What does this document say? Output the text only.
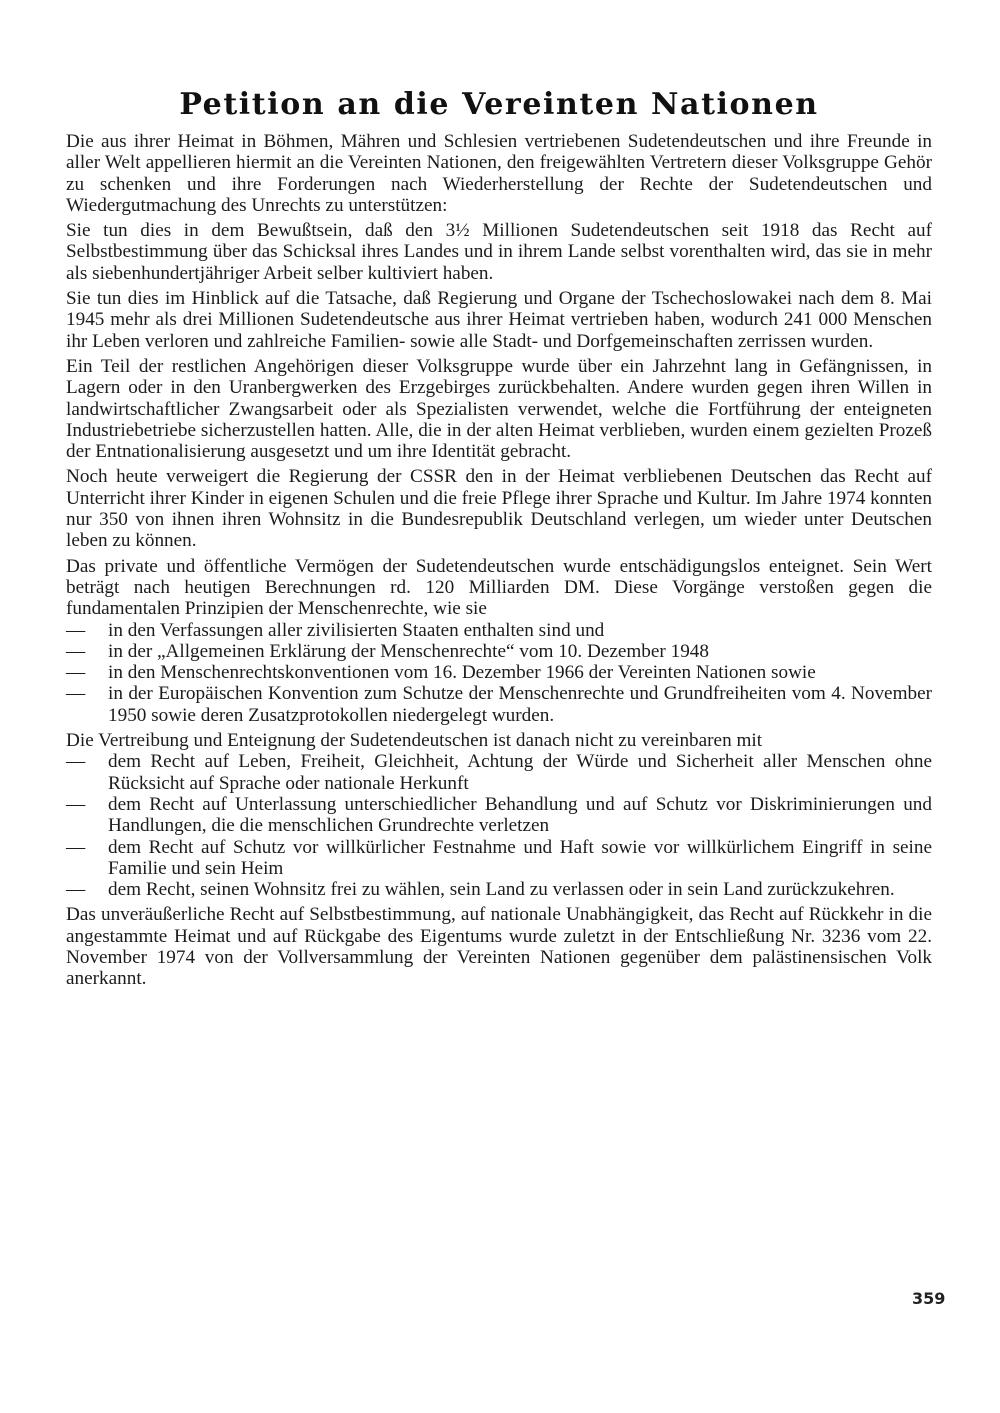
Petition an die Vereinten Nationen

Die aus ihrer Heimat in Böhmen, Mähren und Schlesien vertriebenen Sudetendeutschen und ihre Freunde in aller Welt appellieren hiermit an die Vereinten Nationen, den freigewählten Vertretern dieser Volksgruppe Gehör zu schenken und ihre Forderungen nach Wiederherstellung der Rechte der Sudetendeutschen und Wiedergutmachung des Unrechts zu unterstützen:

Sie tun dies in dem Bewußtsein, daß den 3½ Millionen Sudetendeutschen seit 1918 das Recht auf Selbstbestimmung über das Schicksal ihres Landes und in ihrem Lande selbst vorenthalten wird, das sie in mehr als siebenhundertjähriger Arbeit selber kultiviert haben.

Sie tun dies im Hinblick auf die Tatsache, daß Regierung und Organe der Tschechoslowakei nach dem 8. Mai 1945 mehr als drei Millionen Sudetendeutsche aus ihrer Heimat vertrieben haben, wodurch 241 000 Menschen ihr Leben verloren und zahlreiche Familien- sowie alle Stadt- und Dorfgemeinschaften zerrissen wurden.

Ein Teil der restlichen Angehörigen dieser Volksgruppe wurde über ein Jahrzehnt lang in Gefängnissen, in Lagern oder in den Uranbergwerken des Erzgebirges zurückbehalten. Andere wurden gegen ihren Willen in landwirtschaftlicher Zwangsarbeit oder als Spezialisten verwendet, welche die Fortführung der enteigneten Industriebetriebe sicherzustellen hatten. Alle, die in der alten Heimat verblieben, wurden einem gezielten Prozeß der Entnationalisierung ausgesetzt und um ihre Identität gebracht.

Noch heute verweigert die Regierung der CSSR den in der Heimat verbliebenen Deutschen das Recht auf Unterricht ihrer Kinder in eigenen Schulen und die freie Pflege ihrer Sprache und Kultur. Im Jahre 1974 konnten nur 350 von ihnen ihren Wohnsitz in die Bundesrepublik Deutschland verlegen, um wieder unter Deutschen leben zu können.

Das private und öffentliche Vermögen der Sudetendeutschen wurde entschädigungslos enteignet. Sein Wert beträgt nach heutigen Berechnungen rd. 120 Milliarden DM. Diese Vorgänge verstoßen gegen die fundamentalen Prinzipien der Menschenrechte, wie sie

—	in den Verfassungen aller zivilisierten Staaten enthalten sind und
—	in der „Allgemeinen Erklärung der Menschenrechte“ vom 10. Dezember 1948
—	in den Menschenrechtskonventionen vom 16. Dezember 1966 der Vereinten Nationen sowie
—	in der Europäischen Konvention zum Schutze der Menschenrechte und Grundfreiheiten vom 4. November 1950 sowie deren Zusatzprotokollen niedergelegt wurden.

Die Vertreibung und Enteignung der Sudetendeutschen ist danach nicht zu vereinbaren mit

—	dem Recht auf Leben, Freiheit, Gleichheit, Achtung der Würde und Sicherheit aller Menschen ohne Rücksicht auf Sprache oder nationale Herkunft
—	dem Recht auf Unterlassung unterschiedlicher Behandlung und auf Schutz vor Diskriminierungen und Handlungen, die die menschlichen Grundrechte verletzen
—	dem Recht auf Schutz vor willkürlicher Festnahme und Haft sowie vor willkürlichem Eingriff in seine Familie und sein Heim
—	dem Recht, seinen Wohnsitz frei zu wählen, sein Land zu verlassen oder in sein Land zurückzukehren.

Das unveräußerliche Recht auf Selbstbestimmung, auf nationale Unabhängigkeit, das Recht auf Rückkehr in die angestammte Heimat und auf Rückgabe des Eigentums wurde zuletzt in der Entschließung Nr. 3236 vom 22. November 1974 von der Vollversammlung der Vereinten Nationen gegenüber dem palästinensischen Volk anerkannt.

359
